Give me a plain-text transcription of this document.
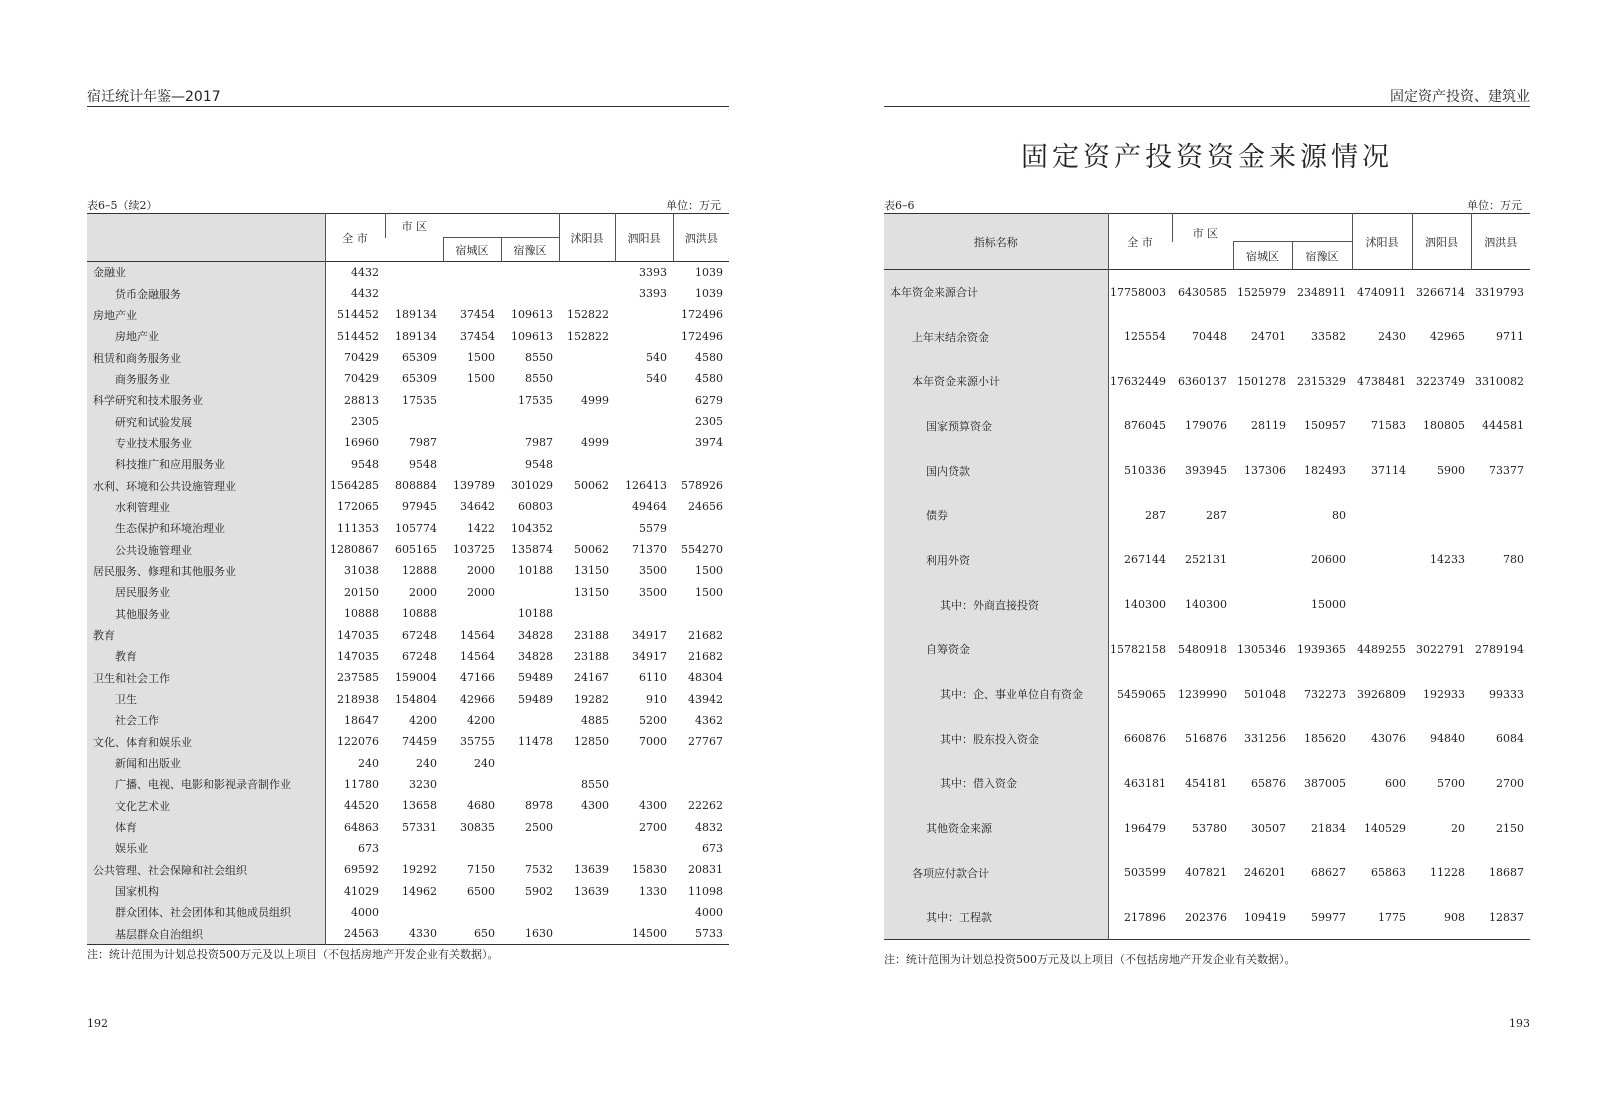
宿迁统计年鉴—2017
表6–5（续2）	单位：万元
	全 市	市 区			沭阳县	泗阳县	泗洪县
			宿城区	宿豫区			
金融业	4432					3393	1039
货币金融服务	4432					3393	1039
房地产业	514452	189134	37454	109613	152822		172496
房地产业	514452	189134	37454	109613	152822		172496
租赁和商务服务业	70429	65309	1500	8550		540	4580
商务服务业	70429	65309	1500	8550		540	4580
科学研究和技术服务业	28813	17535		17535	4999		6279
研究和试验发展	2305						2305
专业技术服务业	16960	7987		7987	4999		3974
科技推广和应用服务业	9548	9548		9548			
水利、环境和公共设施管理业	1564285	808884	139789	301029	50062	126413	578926
水利管理业	172065	97945	34642	60803		49464	24656
生态保护和环境治理业	111353	105774	1422	104352		5579	
公共设施管理业	1280867	605165	103725	135874	50062	71370	554270
居民服务、修理和其他服务业	31038	12888	2000	10188	13150	3500	1500
居民服务业	20150	2000	2000		13150	3500	1500
其他服务业	10888	10888		10188			
教育	147035	67248	14564	34828	23188	34917	21682
教育	147035	67248	14564	34828	23188	34917	21682
卫生和社会工作	237585	159004	47166	59489	24167	6110	48304
卫生	218938	154804	42966	59489	19282	910	43942
社会工作	18647	4200	4200		4885	5200	4362
文化、体育和娱乐业	122076	74459	35755	11478	12850	7000	27767
新闻和出版业	240	240	240				
广播、电视、电影和影视录音制作业	11780	3230			8550		
文化艺术业	44520	13658	4680	8978	4300	4300	22262
体育	64863	57331	30835	2500		2700	4832
娱乐业	673						673
公共管理、社会保障和社会组织	69592	19292	7150	7532	13639	15830	20831
国家机构	41029	14962	6500	5902	13639	1330	11098
群众团体、社会团体和其他成员组织	4000						4000
基层群众自治组织	24563	4330	650	1630		14500	5733
注：统计范围为计划总投资500万元及以上项目（不包括房地产开发企业有关数据）。
192
固定资产投资、建筑业
固定资产投资资金来源情况
表6–6	单位：万元
指标名称	全 市	市 区			沭阳县	泗阳县	泗洪县
			宿城区	宿豫区			
本年资金来源合计	17758003	6430585	1525979	2348911	4740911	3266714	3319793
上年末结余资金	125554	70448	24701	33582	2430	42965	9711
本年资金来源小计	17632449	6360137	1501278	2315329	4738481	3223749	3310082
国家预算资金	876045	179076	28119	150957	71583	180805	444581
国内贷款	510336	393945	137306	182493	37114	5900	73377
债券	287	287		80			
利用外资	267144	252131		20600		14233	780
其中：外商直接投资	140300	140300		15000			
自筹资金	15782158	5480918	1305346	1939365	4489255	3022791	2789194
其中：企、事业单位自有资金	5459065	1239990	501048	732273	3926809	192933	99333
其中：股东投入资金	660876	516876	331256	185620	43076	94840	6084
其中：借入资金	463181	454181	65876	387005	600	5700	2700
其他资金来源	196479	53780	30507	21834	140529	20	2150
各项应付款合计	503599	407821	246201	68627	65863	11228	18687
其中：工程款	217896	202376	109419	59977	1775	908	12837
注：统计范围为计划总投资500万元及以上项目（不包括房地产开发企业有关数据）。
193
